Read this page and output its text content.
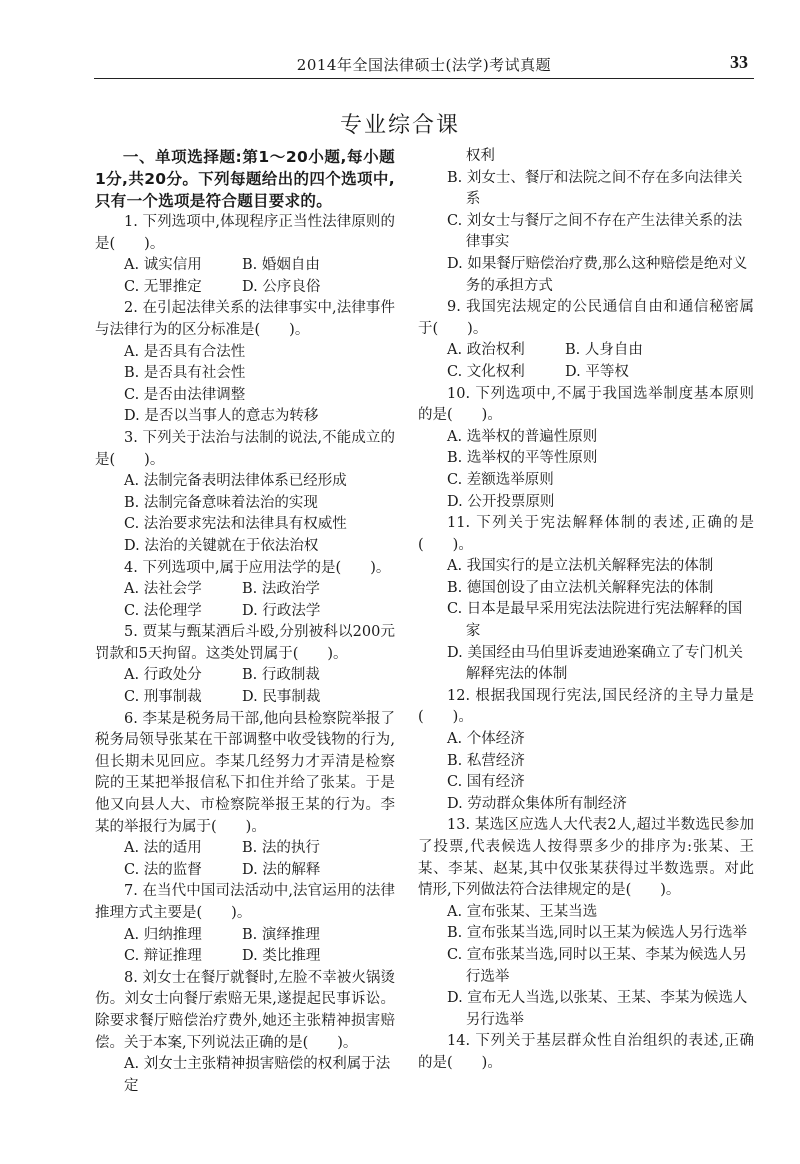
2014年全国法律硕士(法学)考试真题	33
专业综合课
一、单项选择题:第1～20小题,每小题1分,共20分。下列每题给出的四个选项中,只有一个选项是符合题目要求的。
1. 下列选项中,体现程序正当性法律原则的是(　　)。
A. 诚实信用	B. 婚姻自由
C. 无罪推定	D. 公序良俗
2. 在引起法律关系的法律事实中,法律事件与法律行为的区分标准是(　　)。
A. 是否具有合法性
B. 是否具有社会性
C. 是否由法律调整
D. 是否以当事人的意志为转移
3. 下列关于法治与法制的说法,不能成立的是(　　)。
A. 法制完备表明法律体系已经形成
B. 法制完备意味着法治的实现
C. 法治要求宪法和法律具有权威性
D. 法治的关键就在于依法治权
4. 下列选项中,属于应用法学的是(　　)。
A. 法社会学	B. 法政治学
C. 法伦理学	D. 行政法学
5. 贾某与甄某酒后斗殴,分别被科以200元罚款和5天拘留。这类处罚属于(　　)。
A. 行政处分	B. 行政制裁
C. 刑事制裁	D. 民事制裁
6. 李某是税务局干部,他向县检察院举报了税务局领导张某在干部调整中收受钱物的行为,但长期未见回应。李某几经努力才弄清是检察院的王某把举报信私下扣住并给了张某。于是他又向县人大、市检察院举报王某的行为。李某的举报行为属于(　　)。
A. 法的适用	B. 法的执行
C. 法的监督	D. 法的解释
7. 在当代中国司法活动中,法官运用的法律推理方式主要是(　　)。
A. 归纳推理	B. 演绎推理
C. 辩证推理	D. 类比推理
8. 刘女士在餐厅就餐时,左脸不幸被火锅烫伤。刘女士向餐厅索赔无果,遂提起民事诉讼。除要求餐厅赔偿治疗费外,她还主张精神损害赔偿。关于本案,下列说法正确的是(　　)。
A. 刘女士主张精神损害赔偿的权利属于法定
权利
B. 刘女士、餐厅和法院之间不存在多向法律关系
C. 刘女士与餐厅之间不存在产生法律关系的法律事实
D. 如果餐厅赔偿治疗费,那么这种赔偿是绝对义务的承担方式
9. 我国宪法规定的公民通信自由和通信秘密属于(　　)。
A. 政治权利	B. 人身自由
C. 文化权利	D. 平等权
10. 下列选项中,不属于我国选举制度基本原则的是(　　)。
A. 选举权的普遍性原则
B. 选举权的平等性原则
C. 差额选举原则
D. 公开投票原则
11. 下列关于宪法解释体制的表述,正确的是(　　)。
A. 我国实行的是立法机关解释宪法的体制
B. 德国创设了由立法机关解释宪法的体制
C. 日本是最早采用宪法法院进行宪法解释的国家
D. 美国经由马伯里诉麦迪逊案确立了专门机关解释宪法的体制
12. 根据我国现行宪法,国民经济的主导力量是(　　)。
A. 个体经济
B. 私营经济
C. 国有经济
D. 劳动群众集体所有制经济
13. 某选区应选人大代表2人,超过半数选民参加了投票,代表候选人按得票多少的排序为:张某、王某、李某、赵某,其中仅张某获得过半数选票。对此情形,下列做法符合法律规定的是(　　)。
A. 宣布张某、王某当选
B. 宣布张某当选,同时以王某为候选人另行选举
C. 宣布张某当选,同时以王某、李某为候选人另行选举
D. 宣布无人当选,以张某、王某、李某为候选人另行选举
14. 下列关于基层群众性自治组织的表述,正确的是(　　)。
